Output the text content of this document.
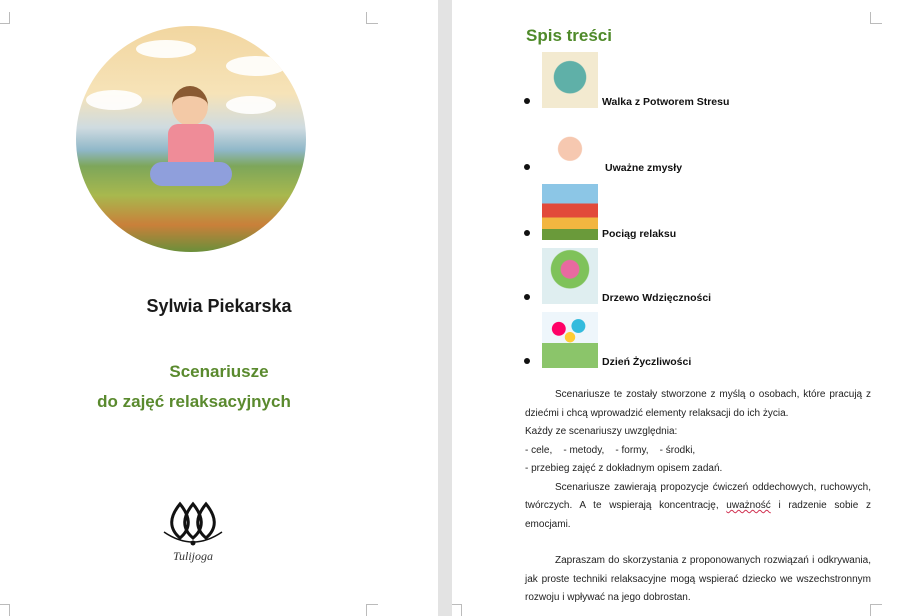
Sylwia Piekarska
Scenariusze
do zajęć relaksacyjnych
Tulijoga
Spis treści
Walka z Potworem Stresu
Uważne zmysły
Pociąg relaksu
Drzewo Wdzięczności
Dzień Życzliwości

Scenariusze te zostały stworzone z myślą o osobach, które pracują z dziećmi i chcą wprowadzić elementy relaksacji do ich życia.

Każdy ze scenariuszy uwzględnia:

- cele,    - metody,    - formy,    - środki,

- przebieg zajęć z dokładnym opisem zadań.

Scenariusze zawierają propozycje ćwiczeń oddechowych, ruchowych, twórczych. A te wspierają koncentrację, uważność i radzenie sobie z emocjami.

Zapraszam do skorzystania z proponowanych rozwiązań i odkrywania, jak proste techniki relaksacyjne mogą wspierać dziecko we wszechstronnym rozwoju i wpływać na jego dobrostan.
